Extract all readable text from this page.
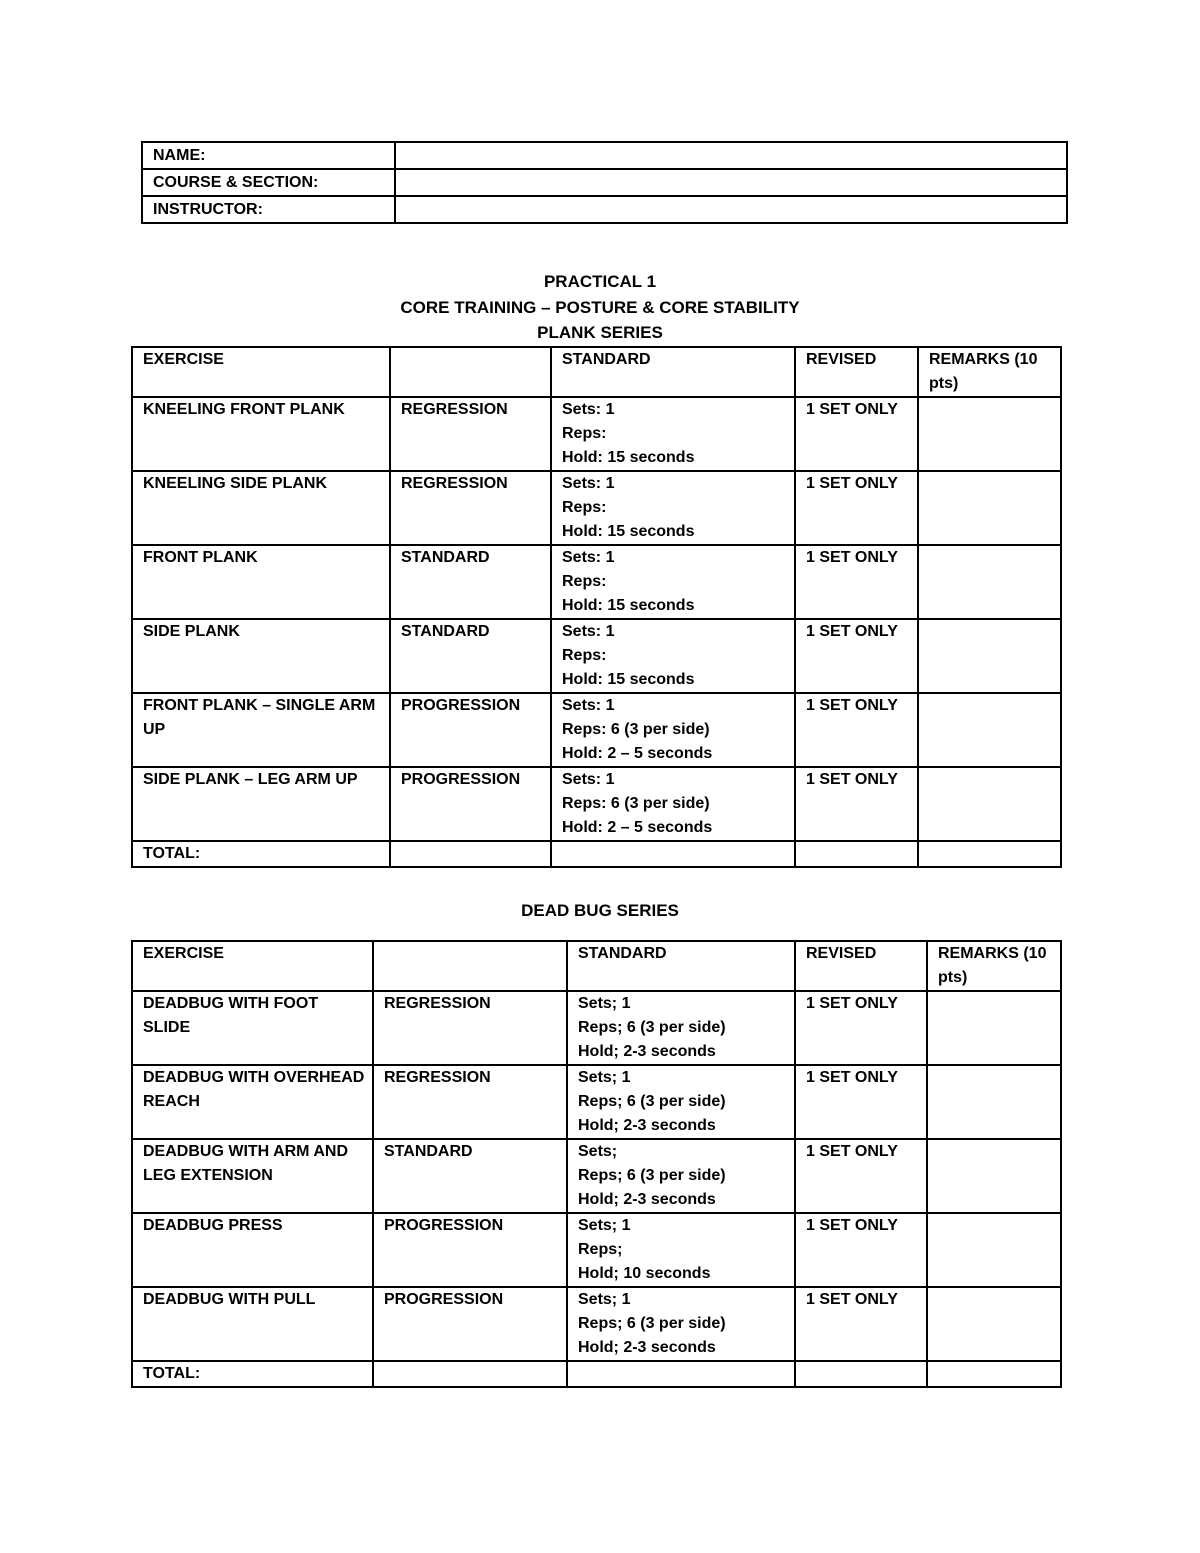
NAME:	
COURSE & SECTION:	
INSTRUCTOR:	
PRACTICAL 1
CORE TRAINING – POSTURE & CORE STABILITY
PLANK SERIES
EXERCISE		STANDARD	REVISED	REMARKS (10 pts)
KNEELING FRONT PLANK	REGRESSION	Sets: 1
Reps:
Hold: 15 seconds	1 SET ONLY	
KNEELING SIDE PLANK	REGRESSION	Sets: 1
Reps:
Hold: 15 seconds	1 SET ONLY	
FRONT PLANK	STANDARD	Sets: 1
Reps:
Hold: 15 seconds	1 SET ONLY	
SIDE PLANK	STANDARD	Sets: 1
Reps:
Hold: 15 seconds	1 SET ONLY	
FRONT PLANK – SINGLE ARM UP	PROGRESSION	Sets: 1
Reps: 6 (3 per side)
Hold: 2 – 5 seconds	1 SET ONLY	
SIDE PLANK – LEG ARM UP	PROGRESSION	Sets: 1
Reps: 6 (3 per side)
Hold: 2 – 5 seconds	1 SET ONLY	
TOTAL:				
DEAD BUG SERIES
EXERCISE		STANDARD	REVISED	REMARKS (10 pts)
DEADBUG WITH FOOT SLIDE	REGRESSION	Sets; 1
Reps; 6 (3 per side)
Hold; 2-3 seconds	1 SET ONLY	
DEADBUG WITH OVERHEAD REACH	REGRESSION	Sets; 1
Reps; 6 (3 per side)
Hold; 2-3 seconds	1 SET ONLY	
DEADBUG WITH ARM AND LEG EXTENSION	STANDARD	Sets;
Reps; 6 (3 per side)
Hold; 2-3 seconds	1 SET ONLY	
DEADBUG PRESS	PROGRESSION	Sets; 1
Reps;
Hold; 10 seconds	1 SET ONLY	
DEADBUG WITH PULL	PROGRESSION	Sets; 1
Reps; 6 (3 per side)
Hold; 2-3 seconds	1 SET ONLY	
TOTAL:				
